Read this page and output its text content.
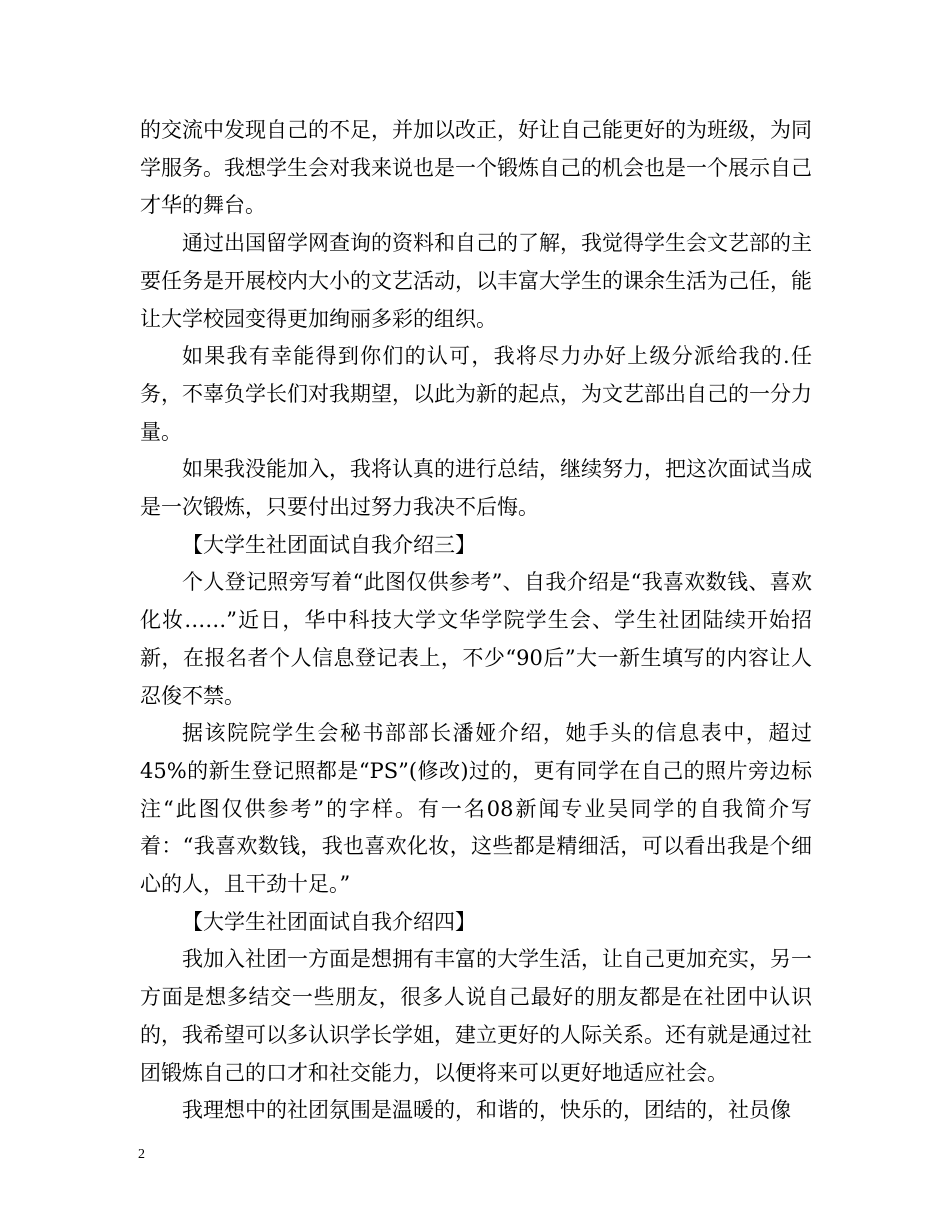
的交流中发现自己的不足，并加以改正，好让自己能更好的为班级，为同学服务。我想学生会对我来说也是一个锻炼自己的机会也是一个展示自己才华的舞台。

通过出国留学网查询的资料和自己的了解，我觉得学生会文艺部的主要任务是开展校内大小的文艺活动，以丰富大学生的课余生活为己任，能让大学校园变得更加绚丽多彩的组织。

如果我有幸能得到你们的认可，我将尽力办好上级分派给我的.任务，不辜负学长们对我期望，以此为新的起点，为文艺部出自己的一分力量。

如果我没能加入，我将认真的进行总结，继续努力，把这次面试当成是一次锻炼，只要付出过努力我决不后悔。

【大学生社团面试自我介绍三】

个人登记照旁写着“此图仅供参考”、自我介绍是“我喜欢数钱、喜欢化妆……”近日，华中科技大学文华学院学生会、学生社团陆续开始招新，在报名者个人信息登记表上，不少“90后”大一新生填写的内容让人忍俊不禁。

据该院院学生会秘书部部长潘娅介绍，她手头的信息表中，超过45%的新生登记照都是“PS”(修改)过的，更有同学在自己的照片旁边标注“此图仅供参考”的字样。有一名08新闻专业吴同学的自我简介写着：“我喜欢数钱，我也喜欢化妆，这些都是精细活，可以看出我是个细心的人，且干劲十足。”

【大学生社团面试自我介绍四】

我加入社团一方面是想拥有丰富的大学生活，让自己更加充实，另一方面是想多结交一些朋友，很多人说自己最好的朋友都是在社团中认识的，我希望可以多认识学长学姐，建立更好的人际关系。还有就是通过社团锻炼自己的口才和社交能力，以便将来可以更好地适应社会。

我理想中的社团氛围是温暖的，和谐的，快乐的，团结的，社员像

2
